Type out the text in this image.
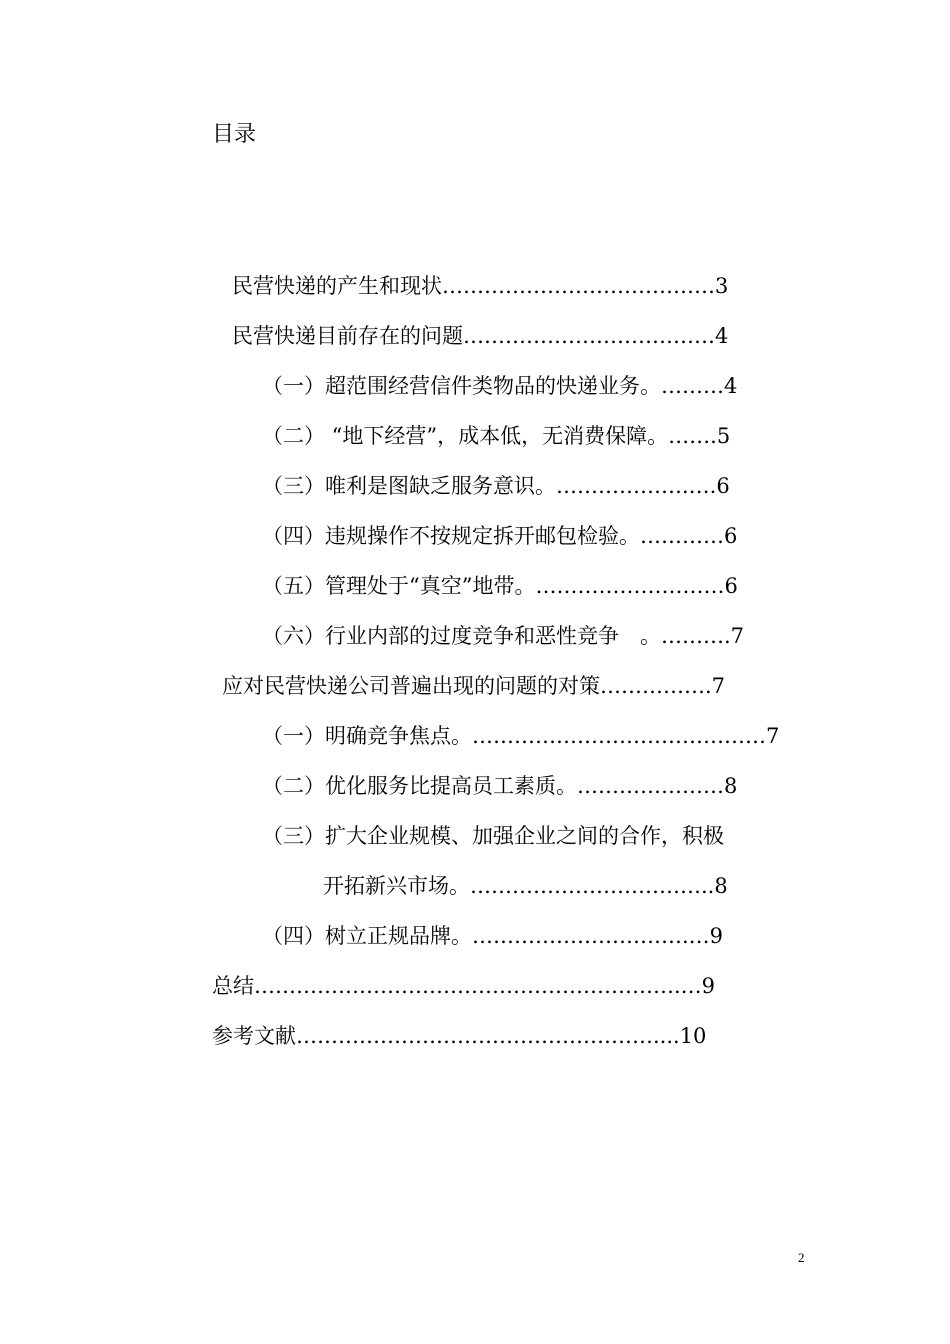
目录
民营快递的产生和现状…………………………………3
民营快递目前存在的问题………………………………4
（一）超范围经营信件类物品的快递业务。………4
（二） “地下经营”，成本低，无消费保障。…….5
（三）唯利是图缺乏服务意识。……………….….6
（四）违规操作不按规定拆开邮包检验。…………6
（五）管理处于“真空”地带。………………………6
（六）行业内部的过度竞争和恶性竞争　。……….7
应对民营快递公司普遍出现的问题的对策…………….7
（一）明确竞争焦点。……………………………………7
（二）优化服务比提高员工素质。…………………8
（三）扩大企业规模、加强企业之间的合作，积极
开拓新兴市场。……………………………..8
（四）树立正规品牌。………………………….…9
总结…………………………………………………….…9
参考文献……………………………………………....10
2
